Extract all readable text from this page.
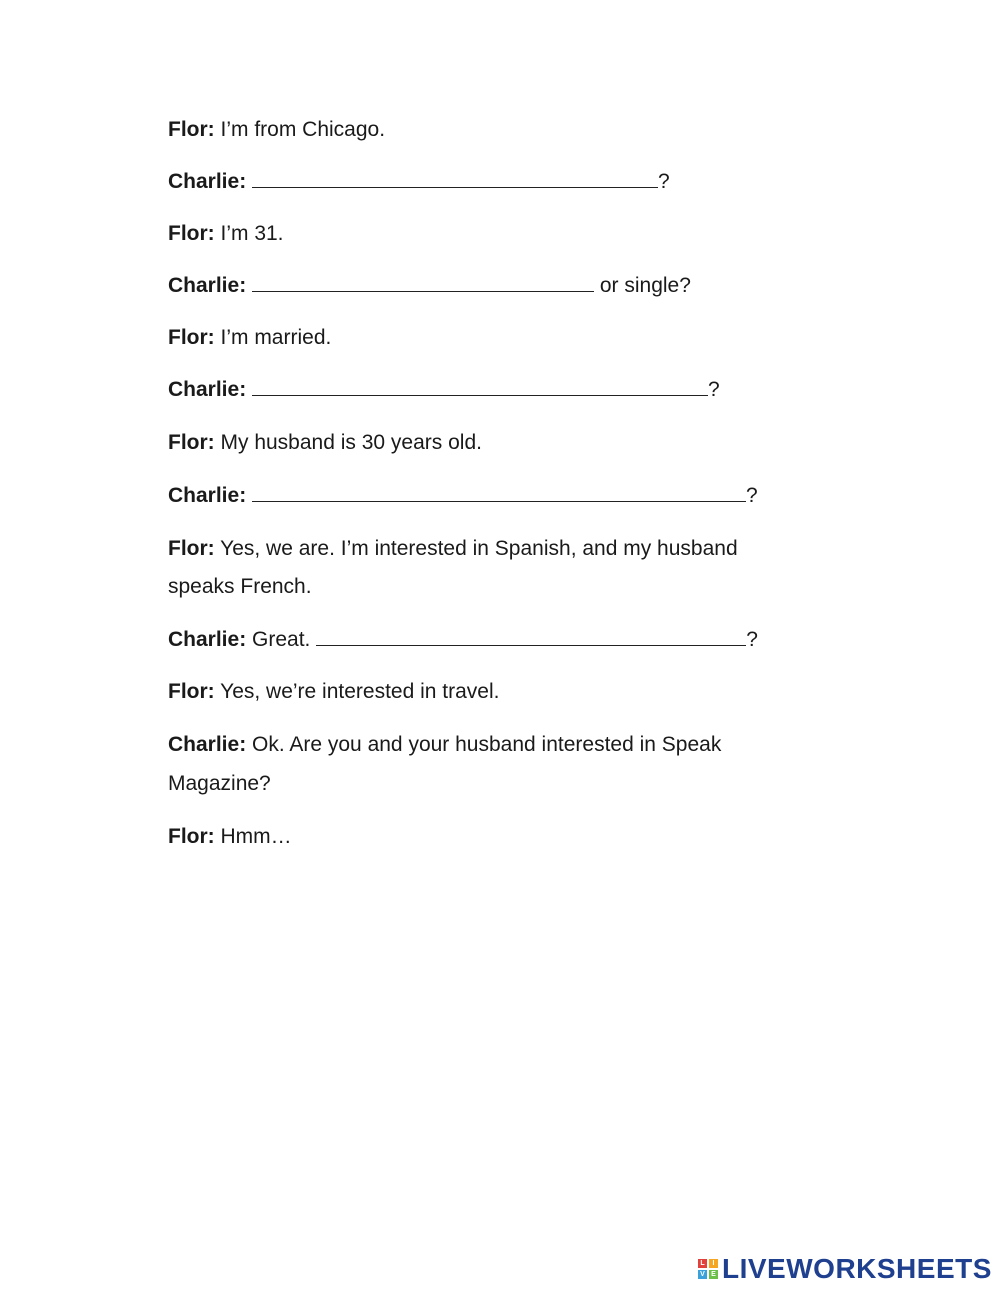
Flor: I’m from Chicago.
Charlie:	?
Flor: I’m 31.
Charlie:	or single?
Flor: I’m married.
Charlie:	?
Flor: My husband is 30 years old.
Charlie:	?
Flor: Yes, we are. I’m interested in Spanish, and my husband
speaks French.
Charlie: Great.	?
Flor: Yes, we’re interested in travel.
Charlie: Ok. Are you and your husband interested in Speak
Magazine?
Flor: Hmm…
L	I
V E LIVEWORKSHEETS
